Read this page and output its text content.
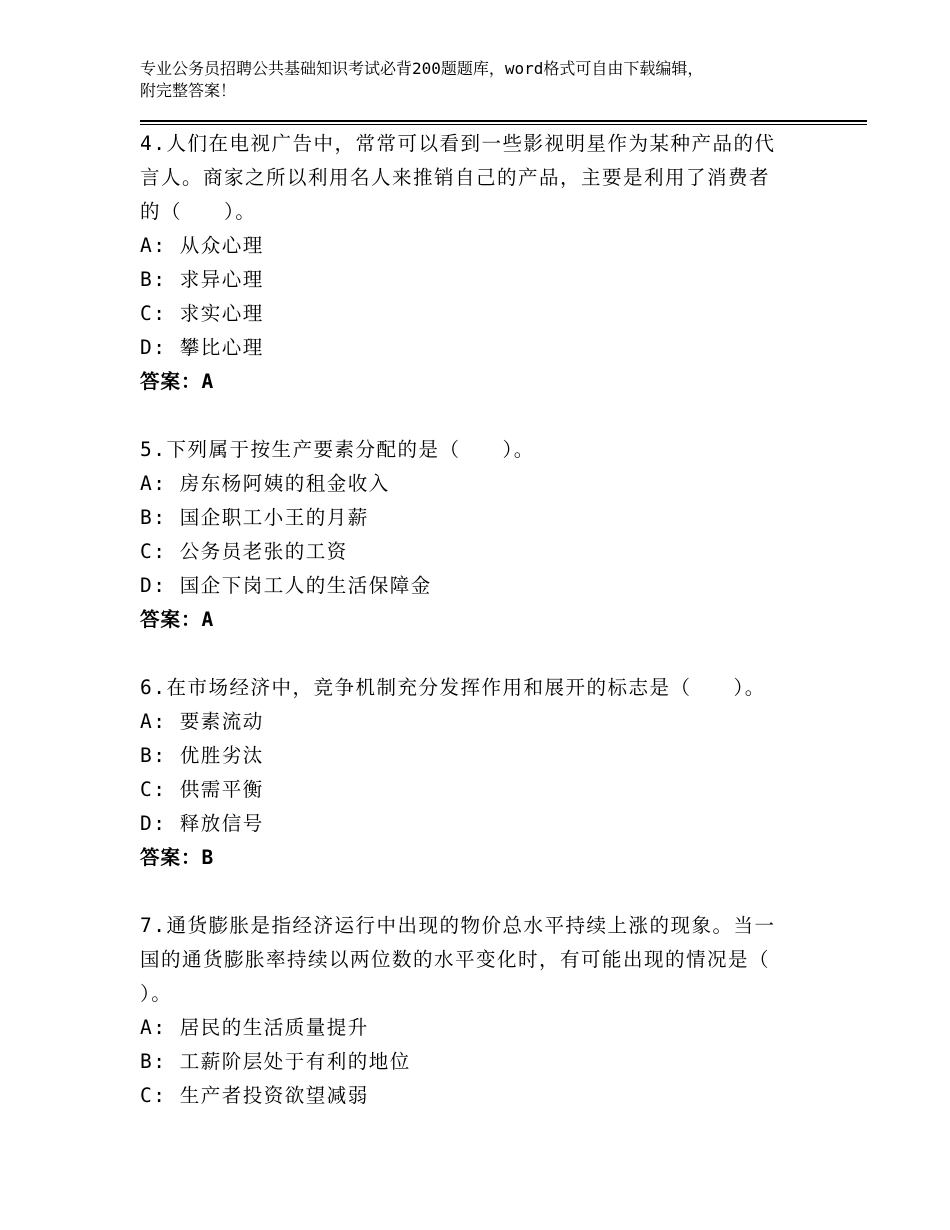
专业公务员招聘公共基础知识考试必背200题题库，word格式可自由下载编辑，
附完整答案！
4.人们在电视广告中，常常可以看到一些影视明星作为某种产品的代
言人。商家之所以利用名人来推销自己的产品，主要是利用了消费者
的（　　）。
A: 从众心理
B: 求异心理
C: 求实心理
D: 攀比心理
答案：A
5.下列属于按生产要素分配的是（　　）。
A: 房东杨阿姨的租金收入
B: 国企职工小王的月薪
C: 公务员老张的工资
D: 国企下岗工人的生活保障金
答案：A
6.在市场经济中，竞争机制充分发挥作用和展开的标志是（　　）。
A: 要素流动
B: 优胜劣汰
C: 供需平衡
D: 释放信号
答案：B
7.通货膨胀是指经济运行中出现的物价总水平持续上涨的现象。当一
国的通货膨胀率持续以两位数的水平变化时，有可能出现的情况是（
）。
A: 居民的生活质量提升
B: 工薪阶层处于有利的地位
C: 生产者投资欲望减弱
